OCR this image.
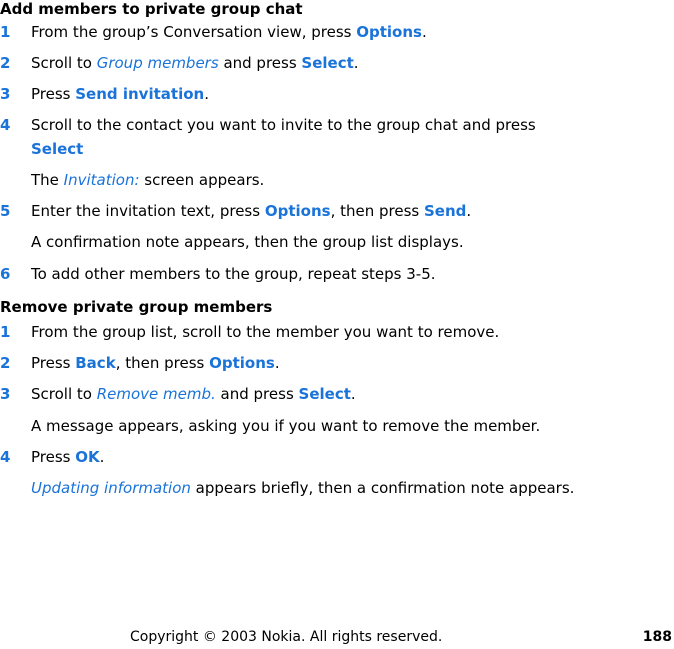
Add members to private group chat
1	From the group’s Conversation view, press Options.
2	Scroll to Group members and press Select.
3	Press Send invitation.
4	Scroll to the contact you want to invite to the group chat and press
Select
The Invitation: screen appears.
5	Enter the invitation text, press Options, then press Send.
A confirmation note appears, then the group list displays.
6	To add other members to the group, repeat steps 3-5.
Remove private group members
1	From the group list, scroll to the member you want to remove.
2	Press Back, then press Options.
3	Scroll to Remove memb. and press Select.
A message appears, asking you if you want to remove the member.
4	Press OK.
Updating information appears briefly, then a confirmation note appears.
Copyright © 2003 Nokia. All rights reserved.	188
